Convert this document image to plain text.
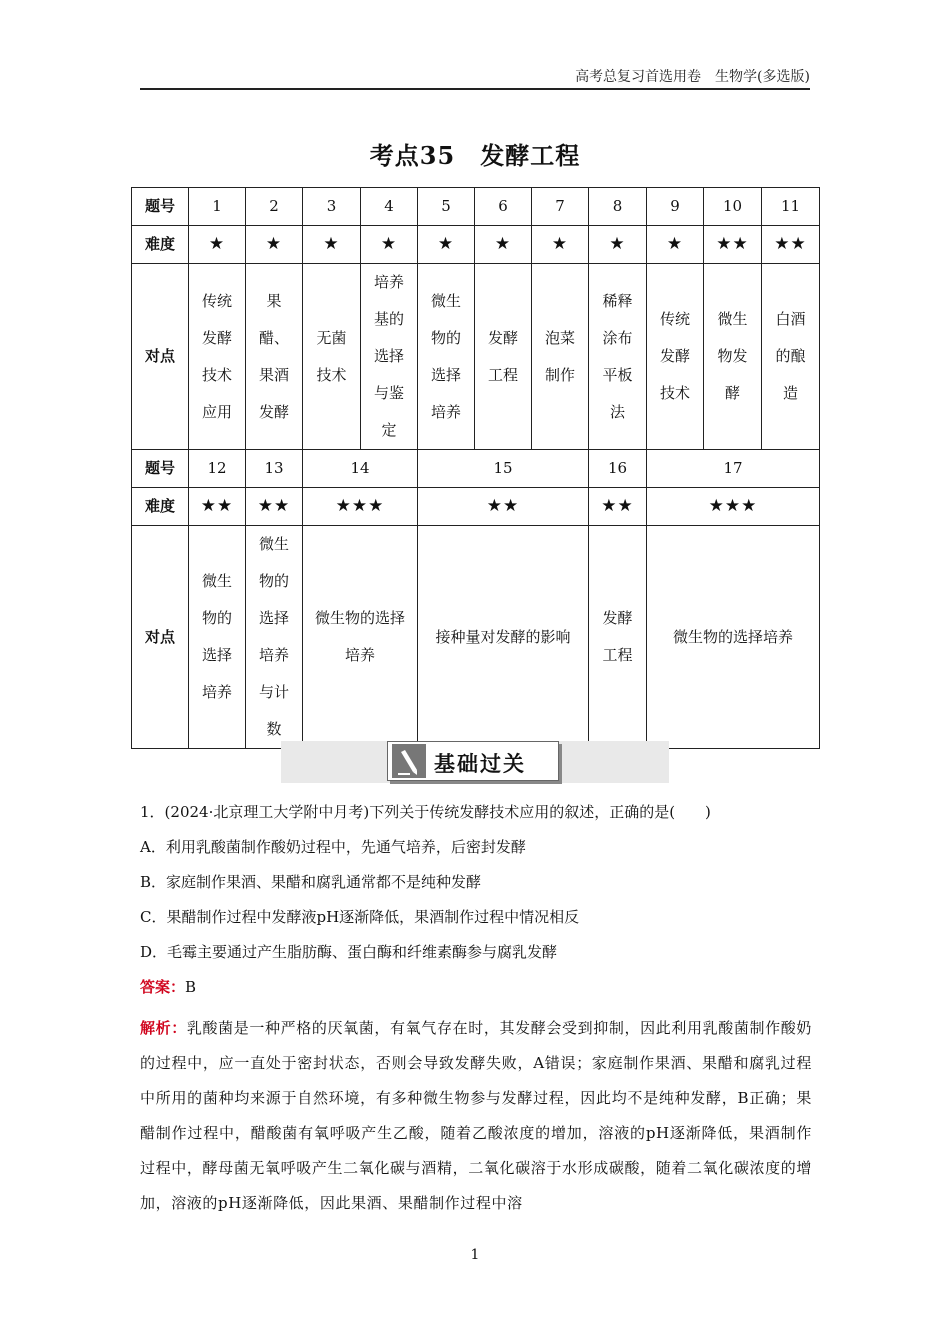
高考总复习首选用卷　生物学(多选版)
考点35　发酵工程
题号	1	2	3	4	5	6	7	8	9	10	11
难度	★	★	★	★	★	★	★	★	★	★★	★★
对点	传统发酵技术应用	果醋、果酒发酵	无菌技术	培养基的选择与鉴定	微生物的选择培养	发酵工程	泡菜制作	稀释涂布平板法	传统发酵技术	微生物发酵	白酒的酿造
题号	12	13	14		15			16	17		
难度	★★	★★	★★★		★★			★★	★★★		
对点	微生物的选择培养	微生物的选择培养与计数	微生物的选择培养		接种量对发酵的影响			发酵工程	微生物的选择培养		
基础过关
1．(2024·北京理工大学附中月考)下列关于传统发酵技术应用的叙述，正确的是(　　)
A．利用乳酸菌制作酸奶过程中，先通气培养，后密封发酵
B．家庭制作果酒、果醋和腐乳通常都不是纯种发酵
C．果醋制作过程中发酵液pH逐渐降低，果酒制作过程中情况相反
D．毛霉主要通过产生脂肪酶、蛋白酶和纤维素酶参与腐乳发酵
答案：B
解析：乳酸菌是一种严格的厌氧菌，有氧气存在时，其发酵会受到抑制，因此利用乳酸菌制作酸奶的过程中，应一直处于密封状态，否则会导致发酵失败，A错误；家庭制作果酒、果醋和腐乳过程中所用的菌种均来源于自然环境，有多种微生物参与发酵过程，因此均不是纯种发酵，B正确；果醋制作过程中，醋酸菌有氧呼吸产生乙酸，随着乙酸浓度的增加，溶液的pH逐渐降低，果酒制作过程中，酵母菌无氧呼吸产生二氧化碳与酒精，二氧化碳溶于水形成碳酸，随着二氧化碳浓度的增加，溶液的pH逐渐降低，因此果酒、果醋制作过程中溶
1
